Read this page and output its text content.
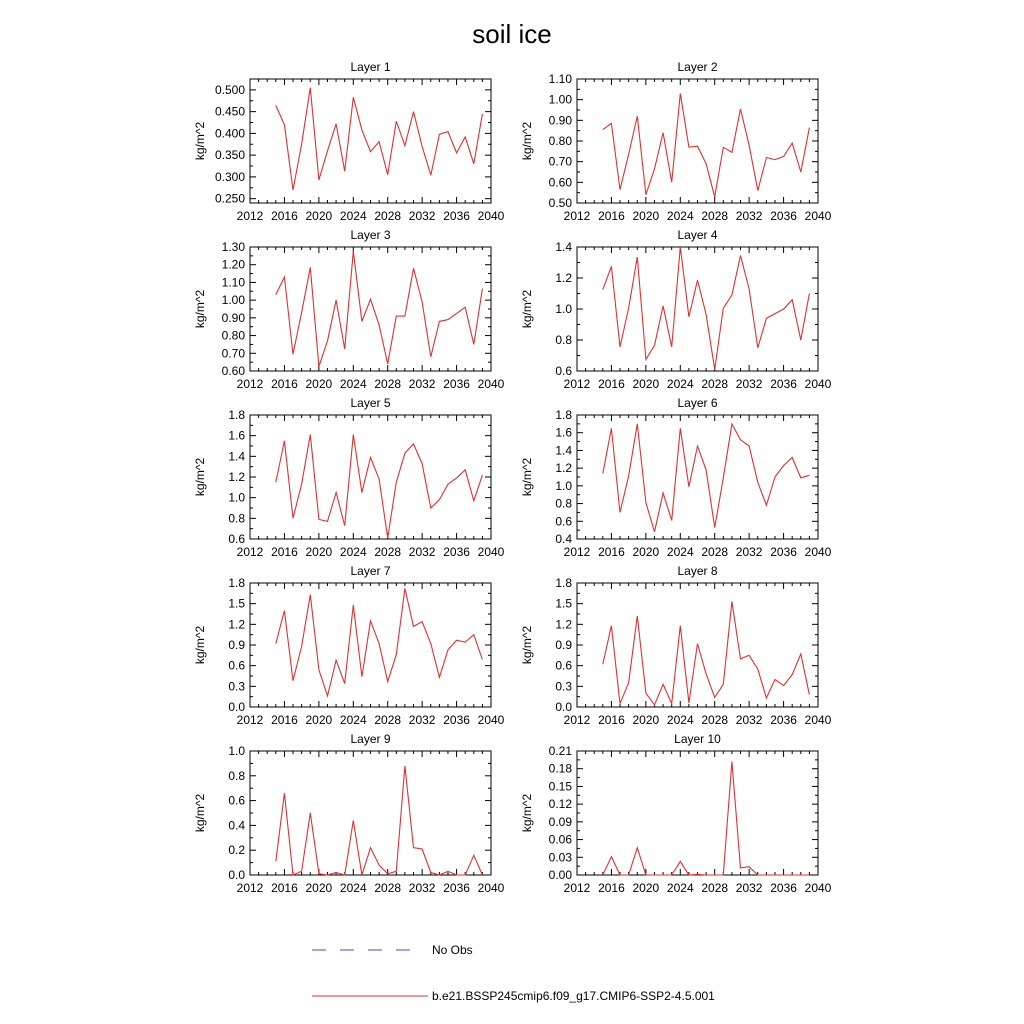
soil ice
Layer 1
kg/m^2
2012 2016 2020 2024 2028 2032 2036 2040
0.250
0.300
0.350
0.400
0.450
0.500
Layer 2
kg/m^2
2012 2016 2020 2024 2028 2032 2036 2040
0.50
0.60
0.70
0.80
0.90
1.00
1.10
Layer 3
kg/m^2
2012 2016 2020 2024 2028 2032 2036 2040
0.60
0.70
0.80
0.90
1.00
1.10
1.20
1.30
Layer 4
kg/m^2
2012 2016 2020 2024 2028 2032 2036 2040
0.6
0.8
1.0
1.2
1.4
Layer 5
kg/m^2
2012 2016 2020 2024 2028 2032 2036 2040
0.6
0.8
1.0
1.2
1.4
1.6
1.8
Layer 6
kg/m^2
2012 2016 2020 2024 2028 2032 2036 2040
0.4
0.6
0.8
1.0
1.2
1.4
1.6
1.8
Layer 7
kg/m^2
2012 2016 2020 2024 2028 2032 2036 2040
0.0
0.3
0.6
0.9
1.2
1.5
1.8
Layer 8
kg/m^2
2012 2016 2020 2024 2028 2032 2036 2040
0.0
0.3
0.6
0.9
1.2
1.5
1.8
Layer 9
kg/m^2
2012 2016 2020 2024 2028 2032 2036 2040
0.0
0.2
0.4
0.6
0.8
1.0
Layer 10
kg/m^2
2012 2016 2020 2024 2028 2032 2036 2040
0.00
0.03
0.06
0.09
0.12
0.15
0.18
0.21
No Obs
b.e21.BSSP245cmip6.f09_g17.CMIP6-SSP2-4.5.001
